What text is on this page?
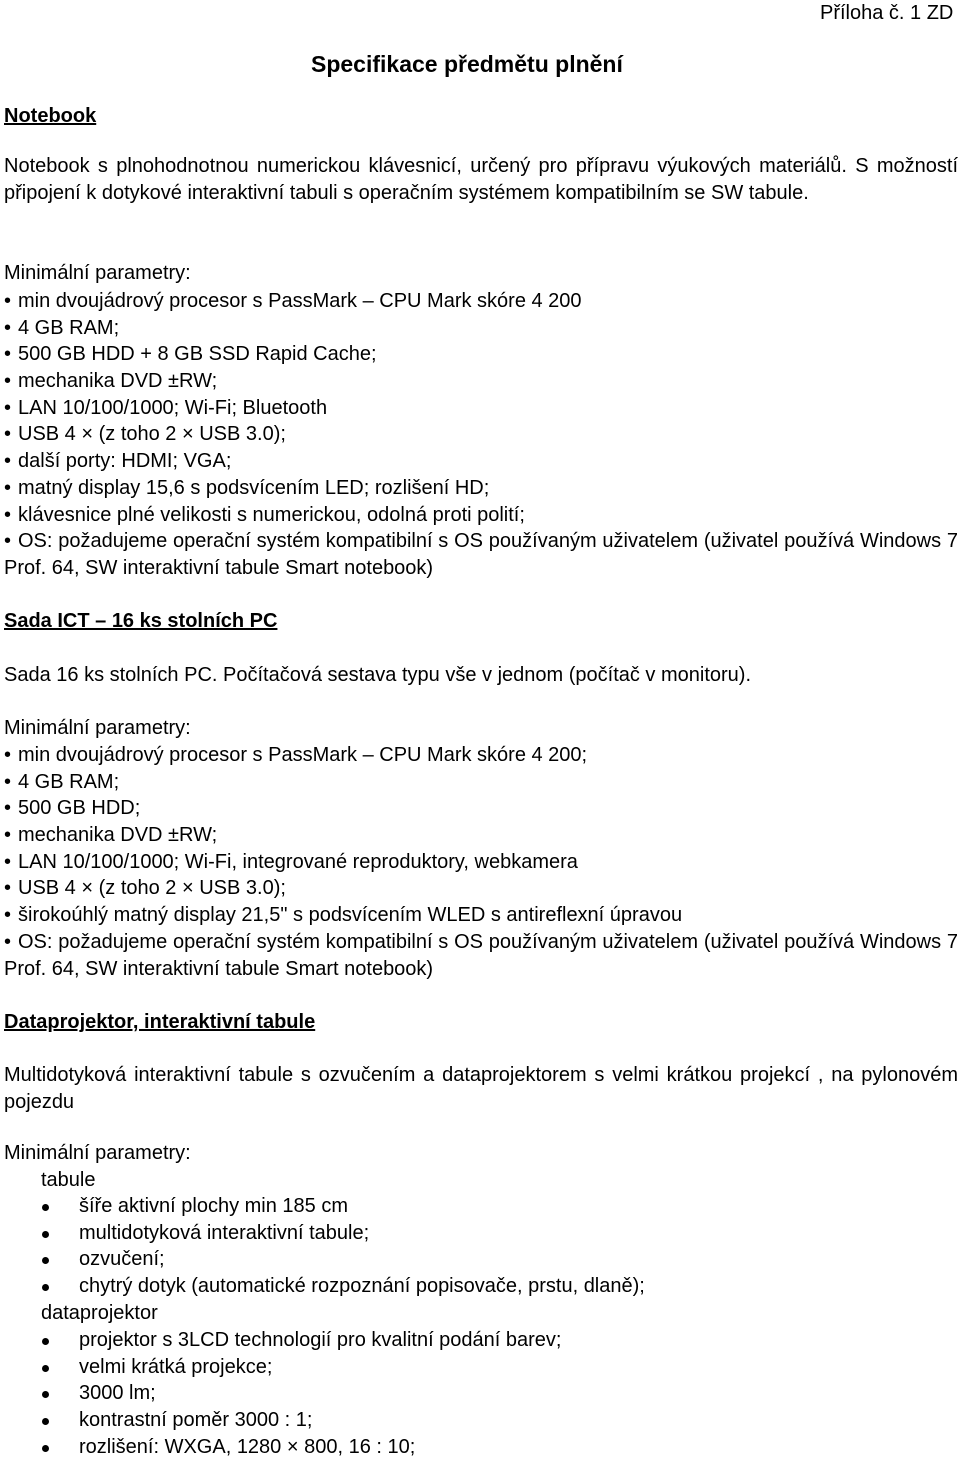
Příloha č. 1 ZD
Specifikace předmětu plnění
Notebook
Notebook s plnohodnotnou numerickou klávesnicí, určený pro přípravu výukových materiálů. S možností připojení k dotykové interaktivní tabuli s operačním systémem kompatibilním se SW tabule.
Minimální parametry:
• min dvoujádrový procesor s PassMark – CPU Mark skóre 4 200
• 4 GB RAM;
• 500 GB HDD + 8 GB SSD Rapid Cache;
• mechanika DVD ±RW;
• LAN 10/100/1000; Wi-Fi; Bluetooth
• USB 4 × (z toho 2 × USB 3.0);
• další porty: HDMI; VGA;
• matný display 15,6 s podsvícením LED; rozlišení HD;
• klávesnice plné velikosti s numerickou, odolná proti polití;
• OS: požadujeme operační systém kompatibilní s OS používaným uživatelem (uživatel používá Windows 7 Prof. 64, SW interaktivní tabule Smart notebook)
Sada ICT – 16 ks stolních PC
Sada 16 ks stolních PC. Počítačová sestava typu vše v jednom (počítač v monitoru).
Minimální parametry:
• min dvoujádrový procesor s PassMark – CPU Mark skóre 4 200;
• 4 GB RAM;
• 500 GB HDD;
• mechanika DVD ±RW;
• LAN 10/100/1000; Wi-Fi, integrované reproduktory, webkamera
• USB 4 × (z toho 2 × USB 3.0);
• širokoúhlý matný display 21,5" s podsvícením WLED s antireflexní úpravou
• OS: požadujeme operační systém kompatibilní s OS používaným uživatelem (uživatel používá Windows 7 Prof. 64, SW interaktivní tabule Smart notebook)
Dataprojektor, interaktivní tabule
Multidotyková interaktivní tabule s ozvučením a dataprojektorem s velmi krátkou projekcí , na pylonovém pojezdu
Minimální parametry:
tabule
šíře aktivní plochy min 185 cm
multidotyková interaktivní tabule;
ozvučení;
chytrý dotyk (automatické rozpoznání popisovače, prstu, dlaně);
dataprojektor
projektor s 3LCD technologií pro kvalitní podání barev;
velmi krátká projekce;
3000 lm;
kontrastní poměr 3000 : 1;
rozlišení: WXGA, 1280 × 800, 16 : 10;
